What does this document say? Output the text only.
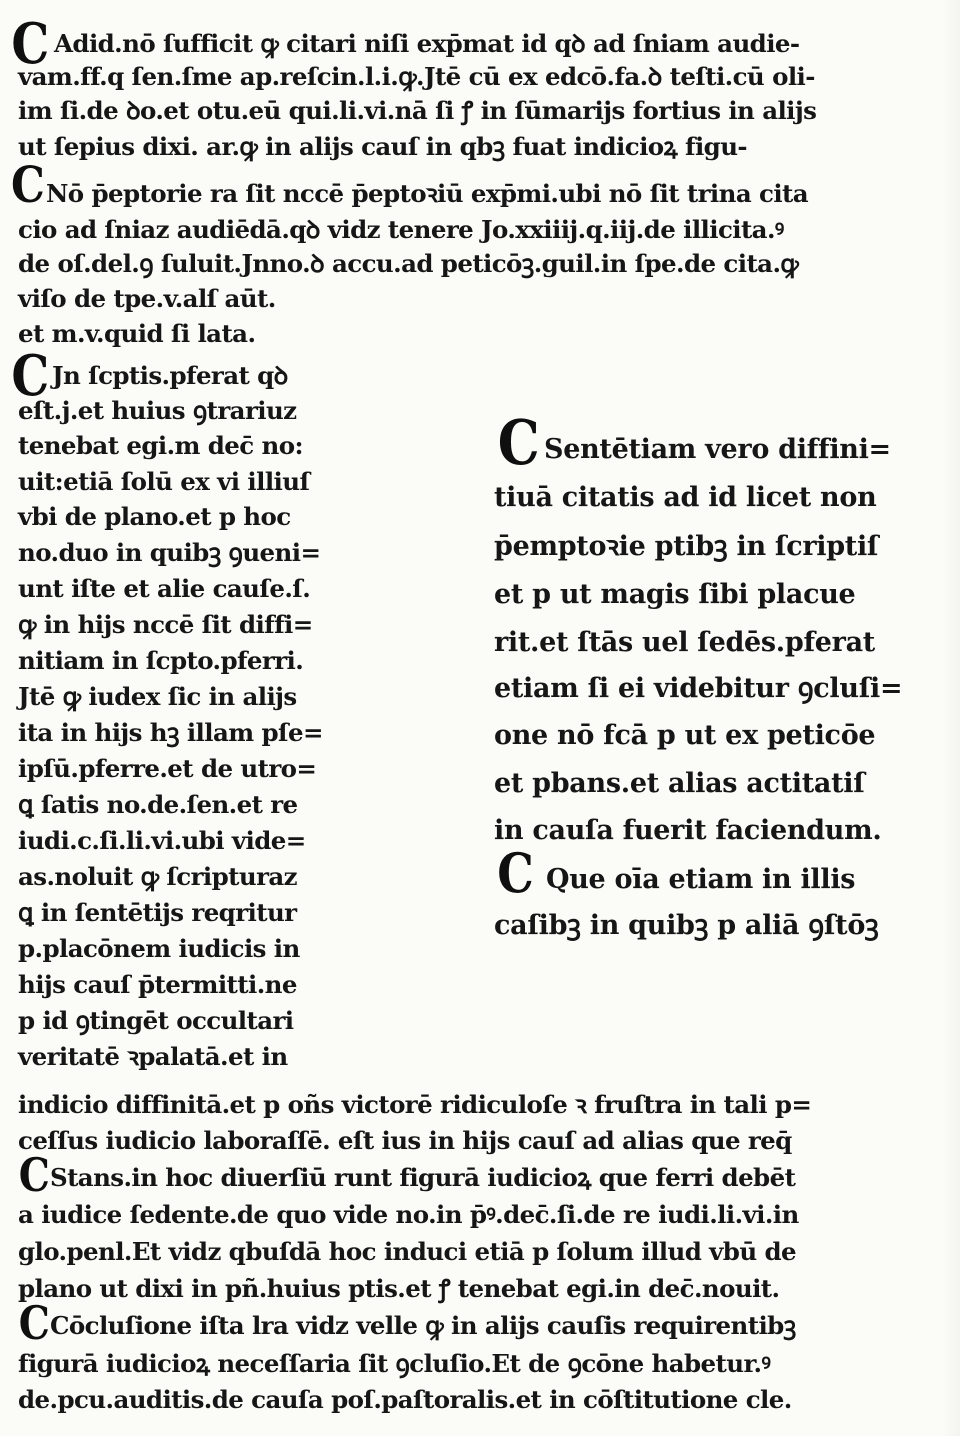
C Adid.nō ſufficit ꝙ citari niſi exp̄mat id qꝺ ad ſniam audie-
vam.ff.q ſen.ſme ap.reſcin.l.i.ꝙ.Jtē cū ex edcō.fa.ꝺ teſti.cū oli-
im ſi.de ꝺo.et otu.eū qui.li.vi.nā ſi ꝭ in ſūmarijs fortius in alijs
ut ſepius dixi. ar.ꝙ in alijs cauſ in qbꝫ fuat indicioꝝ figu-
C Nō p̄eptorie ra ſit nccē p̄eptoꝛiū exp̄mi.ubi nō ſit trina cita
cio ad ſniaz audiēdā.qꝺ vidz tenere Jo.xxiiij.q.iij.de illicita.ꝰ
de oſ.del.ꝯ ſuluit.Jnno.ꝺ accu.ad peticōꝫ.guil.in ſpe.de cita.ꝙ
viſo de tpe.v.alſ aūt.
et m.v.quid ſi lata.
C Jn ſcptis.pferat qꝺ
eſt.j.et huius ꝯtrariuz
tenebat egi.m dec̄ no:
uit:etiā ſolū ex vi illiuſ
vbi de plano.et p hoc
no.duo in quibꝫ ꝯueni=
unt iſte et alie cauſe.ſ.
ꝙ in hijs nccē ſit diffi=
nitiam in ſcpto.pferri.
Jtē ꝙ iudex ſic in alijs
ita in hijs hꝫ illam pſe=
ipſū.pferre.et de utro=
ꝗ ſatis no.de.ſen.et re
iudi.c.ſi.li.vi.ubi vide=
as.noluit ꝙ ſcripturaz
ꝗ in ſentētijs reqritur
p.placōnem iudicis in
hijs cauſ p̄termitti.ne
p id ꝯtingēt occultari
veritatē ꝛpalatā.et in
C Sentētiam vero diffini=
tiuā citatis ad id licet non
p̄emptoꝛie ptibꝫ in ſcriptiſ
et p ut magis ſibi placue
rit.et ſtās uel ſedēs.pferat
etiam ſi ei videbitur ꝯcluſi=
one nō fcā p ut ex peticōe
et pbans.et alias actitatiſ
in cauſa fuerit faciendum.
C Que oīa etiam in illis
caſibꝫ in quibꝫ p aliā ꝯſtōꝫ
indicio diffinitā.et p oñs victorē ridiculoſe ꝛ fruſtra in tali p=
ceſſus iudicio laboraſſē. eſt ius in hijs cauſ ad alias que req̄
C Stans.in hoc diuerſiū runt figurā iudicioꝝ que ferri debēt
a iudice ſedente.de quo vide no.in p̄ꝰ.dec̄.ſi.de re iudi.li.vi.in
glo.penl.Et vidz qbuſdā hoc induci etiā p ſolum illud vbū de
plano ut dixi in pñ.huius ptis.et ꝭ tenebat egi.in dec̄.nouit.
C Cōcluſione iſta lra vidz velle ꝙ in alijs cauſis requirentibꝫ
figurā iudicioꝝ neceſſaria ſit ꝯcluſio.Et de ꝯcōne habetur.ꝰ
de.pcu.auditis.de cauſa poſ.paſtoralis.et in cōſtitutione cle.
